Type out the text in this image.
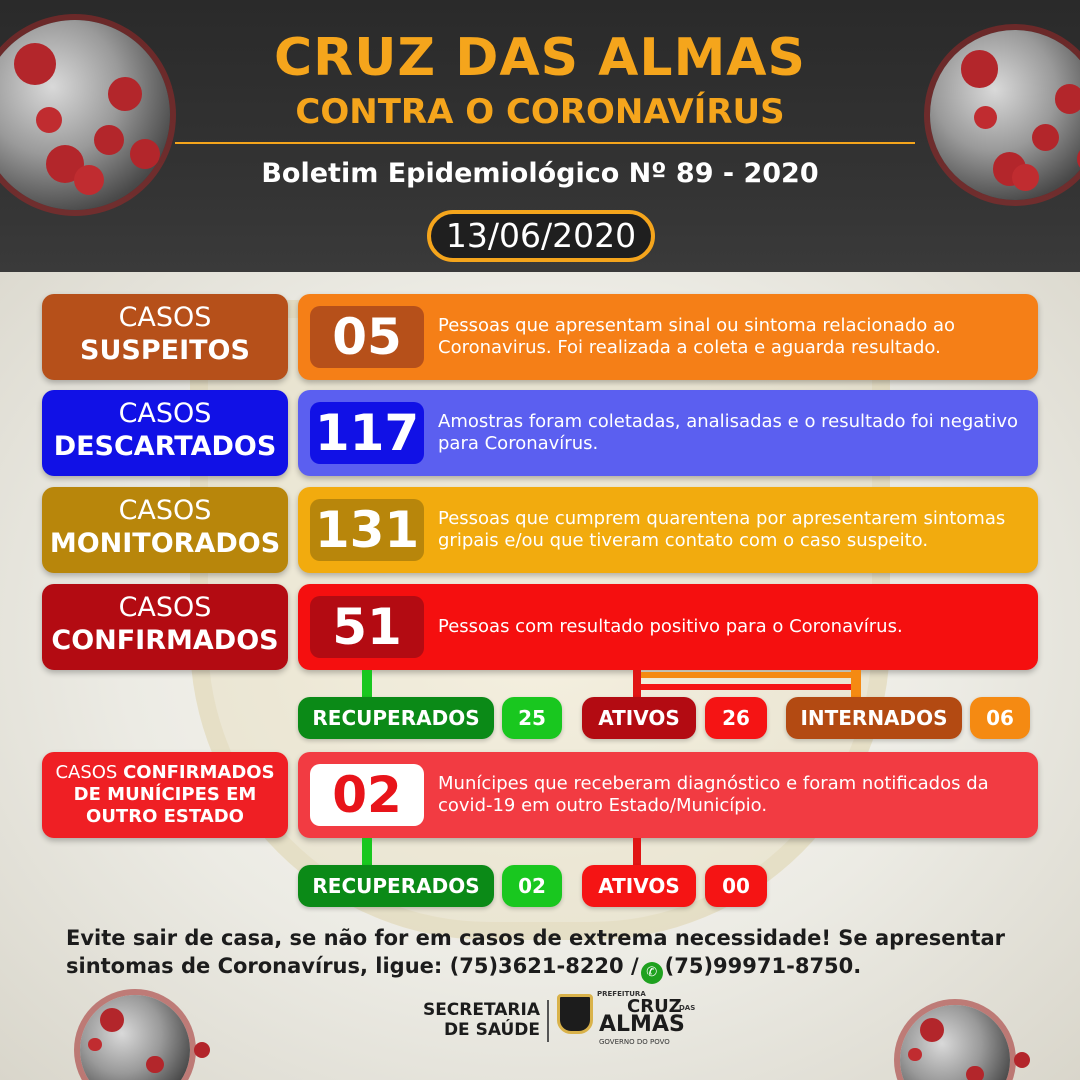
CRUZ DAS ALMAS
CONTRA O CORONAVÍRUS
Boletim Epidemiológico Nº 89 - 2020
13/06/2020
CASOS
SUSPEITOS	05	Pessoas que apresentam sinal ou sintoma relacionado ao Coronavirus. Foi realizada a coleta e aguarda resultado.
CASOS
DESCARTADOS 117 Amostras foram coletadas, analisadas e o resultado foi negativo para Coronavírus.
CASOS
MONITORADOS 131 Pessoas que cumprem quarentena por apresentarem sintomas gripais e/ou que tiveram contato com o caso suspeito.
CASOS
CONFIRMADOS	51	Pessoas com resultado positivo para o Coronavírus.
RECUPERADOS	25	ATIVOS	26	INTERNADOS	06
CASOS CONFIRMADOS DE MUNÍCIPES EM OUTRO ESTADO	02	Munícipes que receberam diagnóstico e foram notificados da covid-19 em outro Estado/Município.
RECUPERADOS	02	ATIVOS	00
Evite sair de casa, se não for em casos de extrema necessidade! Se apresentar
sintomas de Coronavírus, ligue: (75)3621-8220 / ✆ (75)99971-8750.
SECRETARIA
DE SAÚDE
PREFEITURA
CRUZ
DAS
ALMAS
GOVERNO DO POVO
